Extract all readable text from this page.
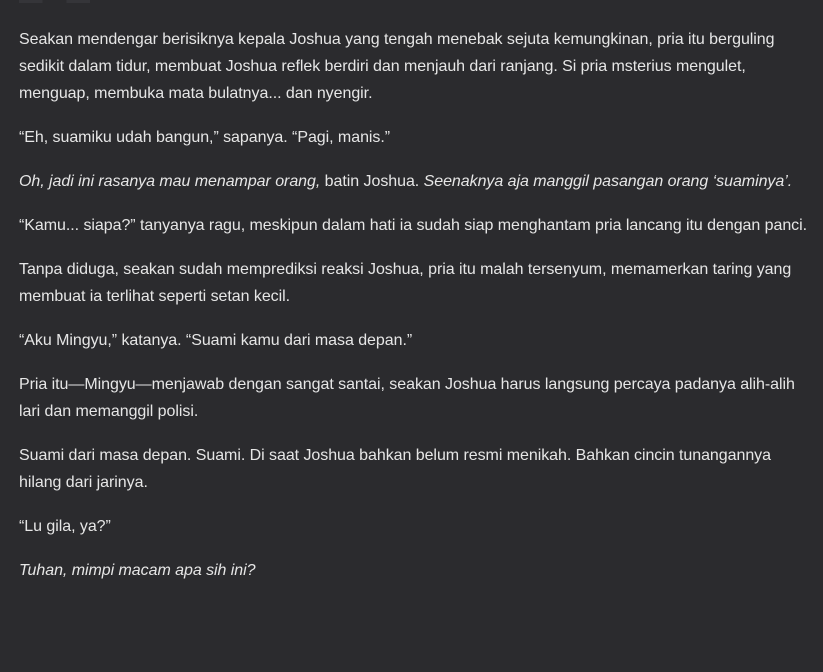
Seakan mendengar berisiknya kepala Joshua yang tengah menebak sejuta kemungkinan, pria itu berguling sedikit dalam tidur, membuat Joshua reflek berdiri dan menjauh dari ranjang. Si pria msterius mengulet, menguap, membuka mata bulatnya... dan nyengir.

“Eh, suamiku udah bangun,” sapanya. “Pagi, manis.”

Oh, jadi ini rasanya mau menampar orang, batin Joshua. Seenaknya aja manggil pasangan orang ‘suaminya’.

“Kamu... siapa?” tanyanya ragu, meskipun dalam hati ia sudah siap menghantam pria lancang itu dengan panci.

Tanpa diduga, seakan sudah memprediksi reaksi Joshua, pria itu malah tersenyum, memamerkan taring yang membuat ia terlihat seperti setan kecil.

“Aku Mingyu,” katanya. “Suami kamu dari masa depan.”

Pria itu—Mingyu—menjawab dengan sangat santai, seakan Joshua harus langsung percaya padanya alih-alih lari dan memanggil polisi.

Suami dari masa depan. Suami. Di saat Joshua bahkan belum resmi menikah. Bahkan cincin tunangannya hilang dari jarinya.

“Lu gila, ya?”

Tuhan, mimpi macam apa sih ini?
